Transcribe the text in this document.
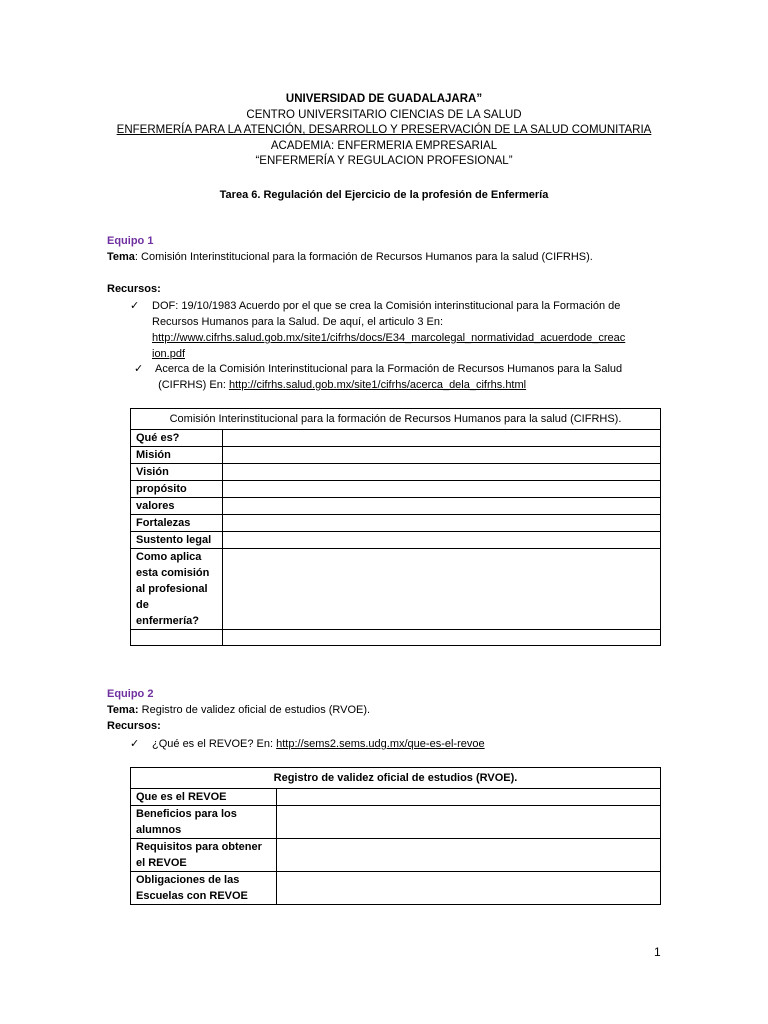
UNIVERSIDAD DE GUADALAJARA”
CENTRO UNIVERSITARIO CIENCIAS DE LA SALUD
ENFERMERÍA PARA LA ATENCIÓN, DESARROLLO Y PRESERVACIÓN DE LA SALUD COMUNITARIA
ACADEMIA: ENFERMERIA EMPRESARIAL
“ENFERMERÍA Y REGULACION PROFESIONAL”
Tarea 6. Regulación del Ejercicio de la profesión de Enfermería
Equipo 1
Tema: Comisión Interinstitucional para la formación de Recursos Humanos para la salud (CIFRHS).
Recursos:
✓	DOF: 19/10/1983 Acuerdo por el que se crea la Comisión interinstitucional para la Formación de
Recursos Humanos para la Salud. De aquí, el articulo 3 En:
http://www.cifrhs.salud.gob.mx/site1/cifrhs/docs/E34_marcolegal_normatividad_acuerdode_creac
ion.pdf
✓	Acerca de la Comisión Interinstitucional para la Formación de Recursos Humanos para la Salud
(CIFRHS) En: http://cifrhs.salud.gob.mx/site1/cifrhs/acerca_dela_cifrhs.html
Comisión Interinstitucional para la formación de Recursos Humanos para la salud (CIFRHS).	
Qué es?	
Misión	
Visión	
propósito	
valores	
Fortalezas	
Sustento legal	

Como aplica
esta comisión
al profesional
de
enfermería?	

Equipo 2
Tema: Registro de validez oficial de estudios (RVOE).
Recursos:
✓	¿Qué es el REVOE? En: http://sems2.sems.udg.mx/que-es-el-revoe
Registro de validez oficial de estudios (RVOE).	
Que es el REVOE	

Beneficios para los
alumnos	

Requisitos para obtener
el REVOE	

Obligaciones de las
Escuelas con REVOE	

1
